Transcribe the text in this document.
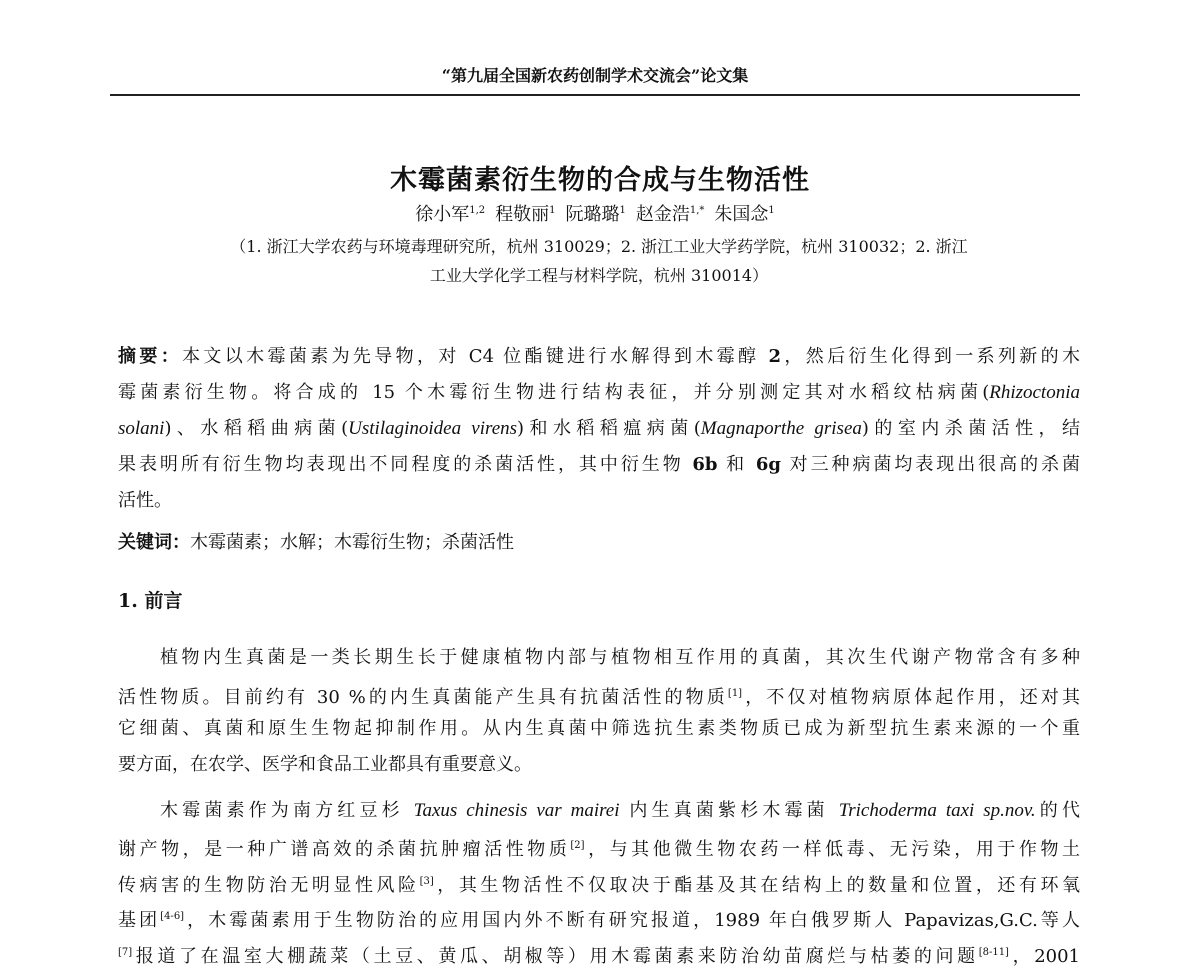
“第九届全国新农药创制学术交流会”论文集
木霉菌素衍生物的合成与生物活性
徐小军$^{1,2}$ 程敬丽$^1$ 阮璐璐$^1$ 赵金浩$^{1,*}$ 朱国念$^1$
（1. 浙江大学农药与环境毒理研究所，杭州 310029；2. 浙江工业大学药学院，杭州 310032；2. 浙江
工业大学化学工程与材料学院，杭州 310014）
摘要：本文以木霉菌素为先导物，对 C4 位酯键进行水解得到木霉醇 2，然后衍生化得到一系列新的木
霉菌素衍生物。将合成的 15 个木霉衍生物进行结构表征，并分别测定其对水稻纹枯病菌(Rhizoctonia
solani)、水稻稻曲病菌(Ustilaginoidea virens)和水稻稻瘟病菌(Magnaporthe grisea)的室内杀菌活性，结
果表明所有衍生物均表现出不同程度的杀菌活性，其中衍生物 6b 和 6g 对三种病菌均表现出很高的杀菌
活性。
关键词：木霉菌素；水解；木霉衍生物；杀菌活性
1. 前言
植物内生真菌是一类长期生长于健康植物内部与植物相互作用的真菌，其次生代谢产物常含有多种
活性物质。目前约有 30 %的内生真菌能产生具有抗菌活性的物质[1]，不仅对植物病原体起作用，还对其
它细菌、真菌和原生生物起抑制作用。从内生真菌中筛选抗生素类物质已成为新型抗生素来源的一个重
要方面，在农学、医学和食品工业都具有重要意义。
木霉菌素作为南方红豆杉 Taxus chinesis var mairei 内生真菌紫杉木霉菌 Trichoderma taxi sp.nov.的代
谢产物，是一种广谱高效的杀菌抗肿瘤活性物质[2]，与其他微生物农药一样低毒、无污染，用于作物土
传病害的生物防治无明显性风险[3]，其生物活性不仅取决于酯基及其在结构上的数量和位置，还有环氧
基团[4-6]，木霉菌素用于生物防治的应用国内外不断有研究报道，1989 年白俄罗斯人 Papavizas,G.C.等人
[7]报道了在温室大棚蔬菜（土豆、黄瓜、胡椒等）用木霉菌素来防治幼苗腐烂与枯萎的问题[8-11]，2001
